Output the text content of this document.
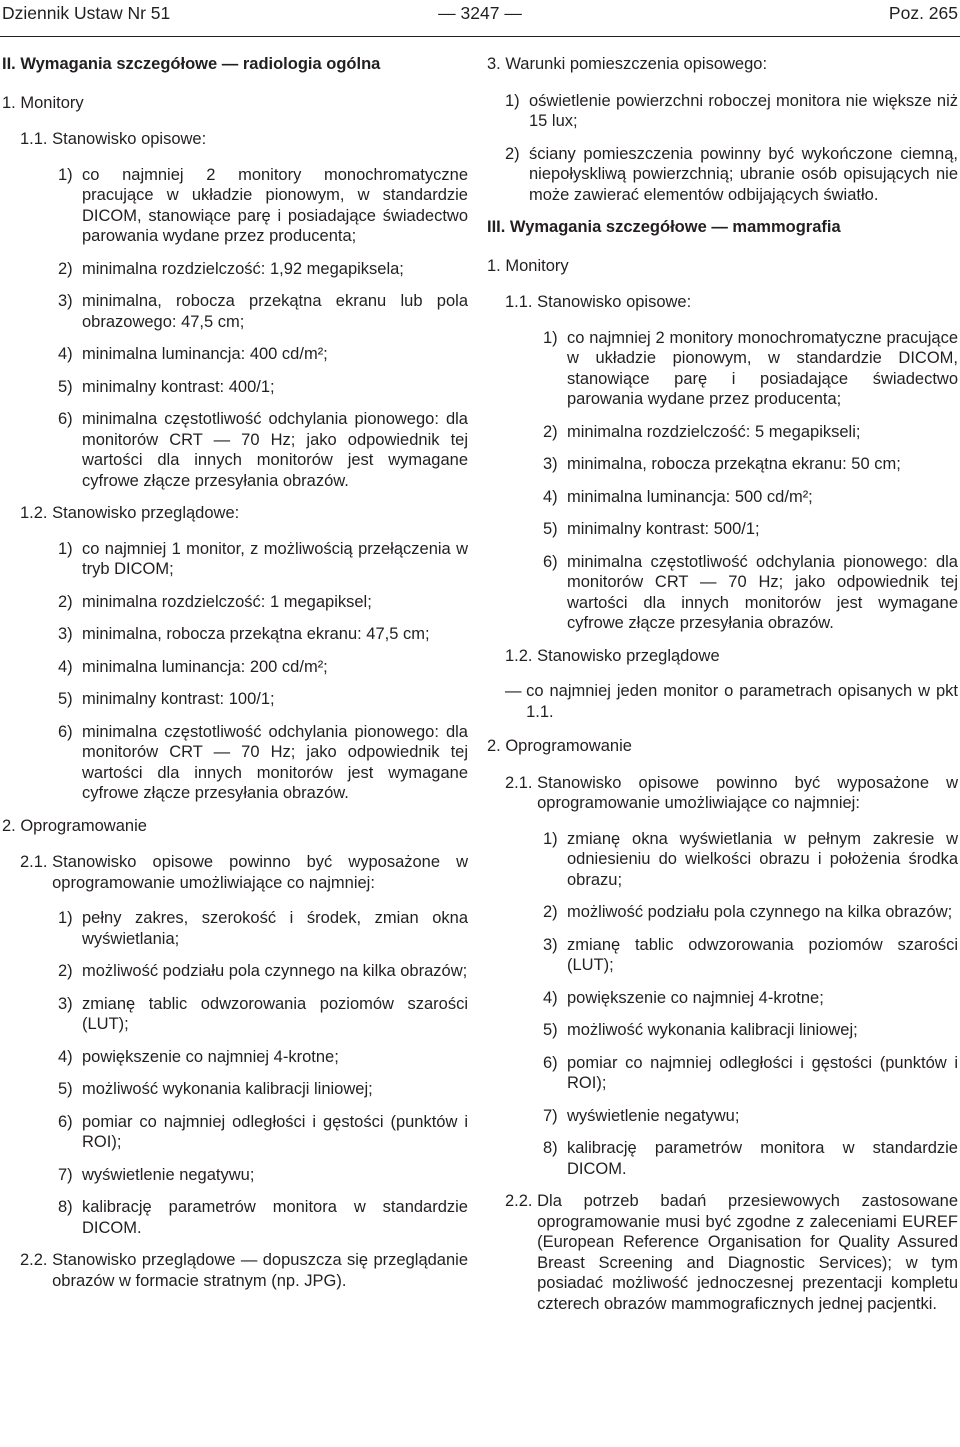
Dziennik Ustaw Nr 51	— 3247 —	Poz. 265
II. Wymagania szczegółowe — radiologia ogólna
1. Monitory
1.1. Stanowisko opisowe:
1) co najmniej 2 monitory monochromatyczne pracujące w układzie pionowym, w standardzie DICOM, stanowiące parę i posiadające świadectwo parowania wydane przez producenta;
2) minimalna rozdzielczość: 1,92 megapiksela;
3) minimalna, robocza przekątna ekranu lub pola obrazowego: 47,5 cm;
4) minimalna luminancja: 400 cd/m²;
5) minimalny kontrast: 400/1;
6) minimalna częstotliwość odchylania pionowego: dla monitorów CRT — 70 Hz; jako odpowiednik tej wartości dla innych monitorów jest wymagane cyfrowe złącze przesyłania obrazów.
1.2. Stanowisko przeglądowe:
1) co najmniej 1 monitor, z możliwością przełączenia w tryb DICOM;
2) minimalna rozdzielczość: 1 megapiksel;
3) minimalna, robocza przekątna ekranu: 47,5 cm;
4) minimalna luminancja: 200 cd/m²;
5) minimalny kontrast: 100/1;
6) minimalna częstotliwość odchylania pionowego: dla monitorów CRT — 70 Hz; jako odpowiednik tej wartości dla innych monitorów jest wymagane cyfrowe złącze przesyłania obrazów.
2. Oprogramowanie
2.1. Stanowisko opisowe powinno być wyposażone w oprogramowanie umożliwiające co najmniej:
1) pełny zakres, szerokość i środek, zmian okna wyświetlania;
2) możliwość podziału pola czynnego na kilka obrazów;
3) zmianę tablic odwzorowania poziomów szarości (LUT);
4) powiększenie co najmniej 4-krotne;
5) możliwość wykonania kalibracji liniowej;
6) pomiar co najmniej odległości i gęstości (punktów i ROI);
7) wyświetlenie negatywu;
8) kalibrację parametrów monitora w standardzie DICOM.
2.2. Stanowisko przeglądowe — dopuszcza się przeglądanie obrazów w formacie stratnym (np. JPG).
3. Warunki pomieszczenia opisowego:
1) oświetlenie powierzchni roboczej monitora nie większe niż 15 lux;
2) ściany pomieszczenia powinny być wykończone ciemną, niepołyskliwą powierzchnią; ubranie osób opisujących nie może zawierać elementów odbijających światło.
III. Wymagania szczegółowe — mammografia
1. Monitory
1.1. Stanowisko opisowe:
1) co najmniej 2 monitory monochromatyczne pracujące w układzie pionowym, w standardzie DICOM, stanowiące parę i posiadające świadectwo parowania wydane przez producenta;
2) minimalna rozdzielczość: 5 megapikseli;
3) minimalna, robocza przekątna ekranu: 50 cm;
4) minimalna luminancja: 500 cd/m²;
5) minimalny kontrast: 500/1;
6) minimalna częstotliwość odchylania pionowego: dla monitorów CRT — 70 Hz; jako odpowiednik tej wartości dla innych monitorów jest wymagane cyfrowe złącze przesyłania obrazów.
1.2. Stanowisko przeglądowe
— co najmniej jeden monitor o parametrach opisanych w pkt 1.1.
2. Oprogramowanie
2.1. Stanowisko opisowe powinno być wyposażone w oprogramowanie umożliwiające co najmniej:
1) zmianę okna wyświetlania w pełnym zakresie w odniesieniu do wielkości obrazu i położenia środka obrazu;
2) możliwość podziału pola czynnego na kilka obrazów;
3) zmianę tablic odwzorowania poziomów szarości (LUT);
4) powiększenie co najmniej 4-krotne;
5) możliwość wykonania kalibracji liniowej;
6) pomiar co najmniej odległości i gęstości (punktów i ROI);
7) wyświetlenie negatywu;
8) kalibrację parametrów monitora w standardzie DICOM.
2.2. Dla potrzeb badań przesiewowych zastosowane oprogramowanie musi być zgodne z zaleceniami EUREF (European Reference Organisation for Quality Assured Breast Screening and Diagnostic Services); w tym posiadać możliwość jednoczesnej prezentacji kompletu czterech obrazów mammograficznych jednej pacjentki.
